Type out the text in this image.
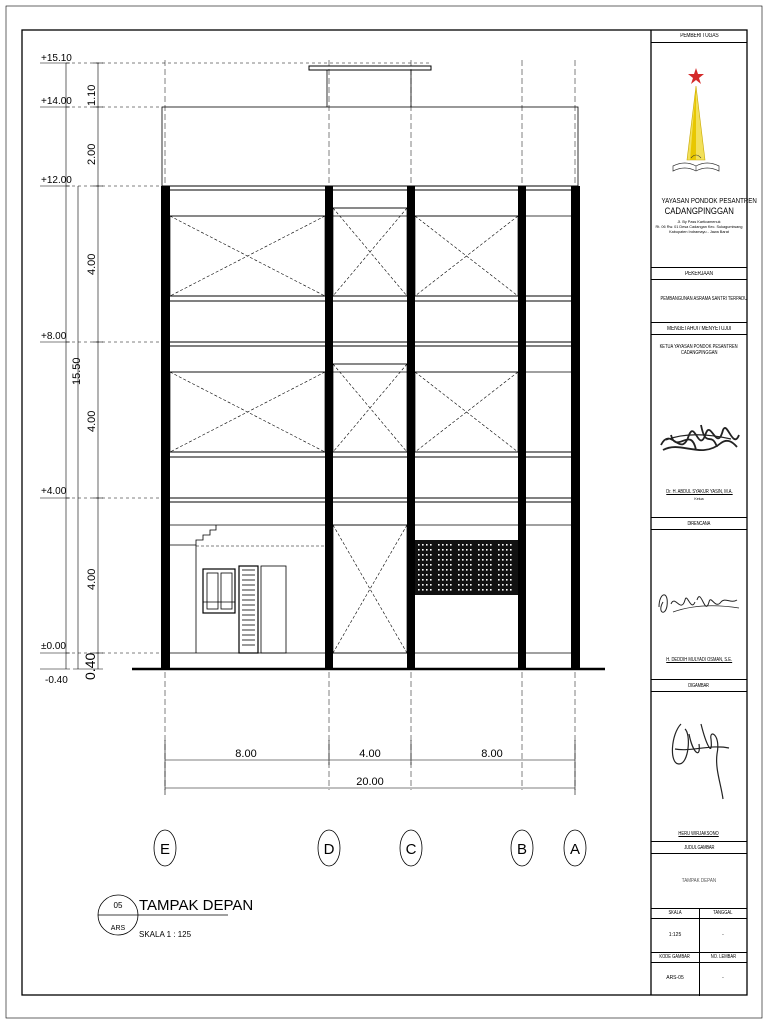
+15.10
+14.00
+12.00
+8.00
+4.00
±0.00
-0.40
1.10
2.00
4.00
4.00
4.00
15.50
0.40
8.00	4.00	8.00
20.00
E	D	C	B	A
05
ARS
TAMPAK DEPAN
SKALA 1 : 125
PEMBERI TUGAS
YAYASAN PONDOK PESANTREN
CADANGPINGGAN
Jl. By Pass Karticamenuk
Rt. 06 Rw. 01 Desa Cadangan Kec. Sukagumiwang
Kabupaten Indramayu - Jawa Barat
PEKERJAAN
PEMBANGUNAN ASRAMA SANTRI TERPADU
MENGETAHUI / MENYETUJUI
KETUA YAYASAN PONDOK PESANTREN
CADANGPINGGAN
Dr. H. ABDUL SYAKUR YASIN, M.A.
Ketua
DIRENCANA
H. DEDDIH MULYADI OSMAN, S.E.
DIGAMBAR
HERU WIRJAKSONO
JUDUL GAMBAR
TAMPAK DEPAN
SKALA	TANGGAL
1:125	-
KODE GAMBAR	NO. LEMBAR
ARS-05	-
